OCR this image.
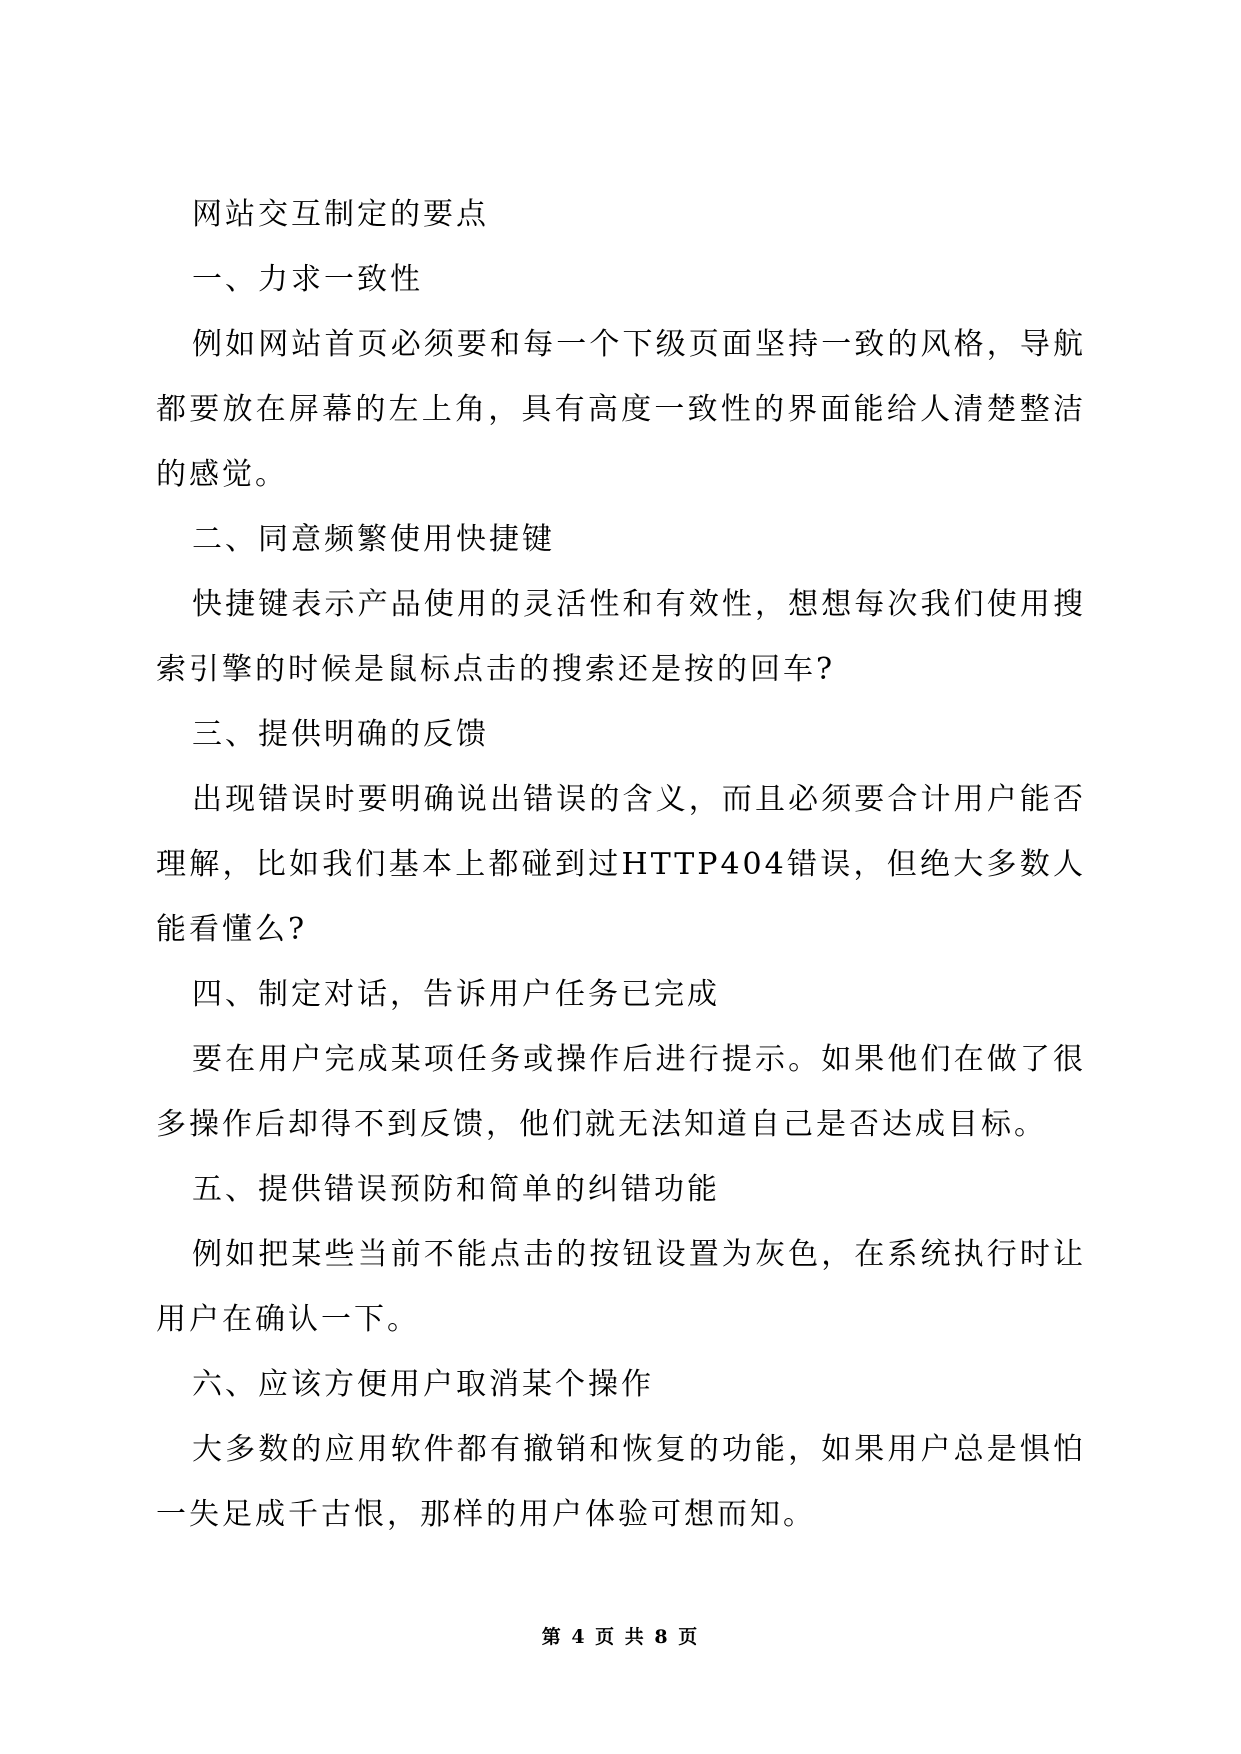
网站交互制定的要点

一、力求一致性

例如网站首页必须要和每一个下级页面坚持一致的风格，导航都要放在屏幕的左上角，具有高度一致性的界面能给人清楚整洁的感觉。

二、同意频繁使用快捷键

快捷键表示产品使用的灵活性和有效性，想想每次我们使用搜索引擎的时候是鼠标点击的搜索还是按的回车?

三、提供明确的反馈

出现错误时要明确说出错误的含义，而且必须要合计用户能否理解，比如我们基本上都碰到过HTTP404错误，但绝大多数人能看懂么?

四、制定对话，告诉用户任务已完成

要在用户完成某项任务或操作后进行提示。如果他们在做了很多操作后却得不到反馈，他们就无法知道自己是否达成目标。

五、提供错误预防和简单的纠错功能

例如把某些当前不能点击的按钮设置为灰色，在系统执行时让用户在确认一下。

六、应该方便用户取消某个操作

大多数的应用软件都有撤销和恢复的功能，如果用户总是惧怕一失足成千古恨，那样的用户体验可想而知。

第 4 页 共 8 页
